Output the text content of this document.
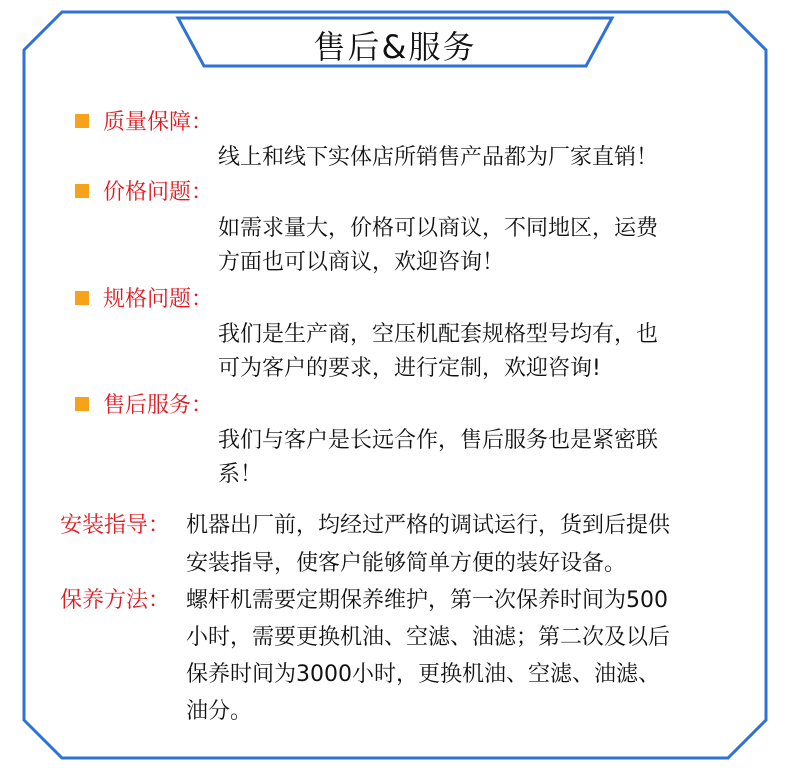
售后&服务
质量保障：
线上和线下实体店所销售产品都为厂家直销！
价格问题：
如需求量大，价格可以商议，不同地区，运费
方面也可以商议，欢迎咨询！
规格问题：
我们是生产商，空压机配套规格型号均有，也
可为客户的要求，进行定制，欢迎咨询!
售后服务：
我们与客户是长远合作，售后服务也是紧密联
系！
安装指导： 机器出厂前，均经过严格的调试运行，货到后提供
安装指导，使客户能够简单方便的装好设备。
保养方法： 螺杆机需要定期保养维护，第一次保养时间为500
小时，需要更换机油、空滤、油滤；第二次及以后
保养时间为3000小时，更换机油、空滤、油滤、
油分。
